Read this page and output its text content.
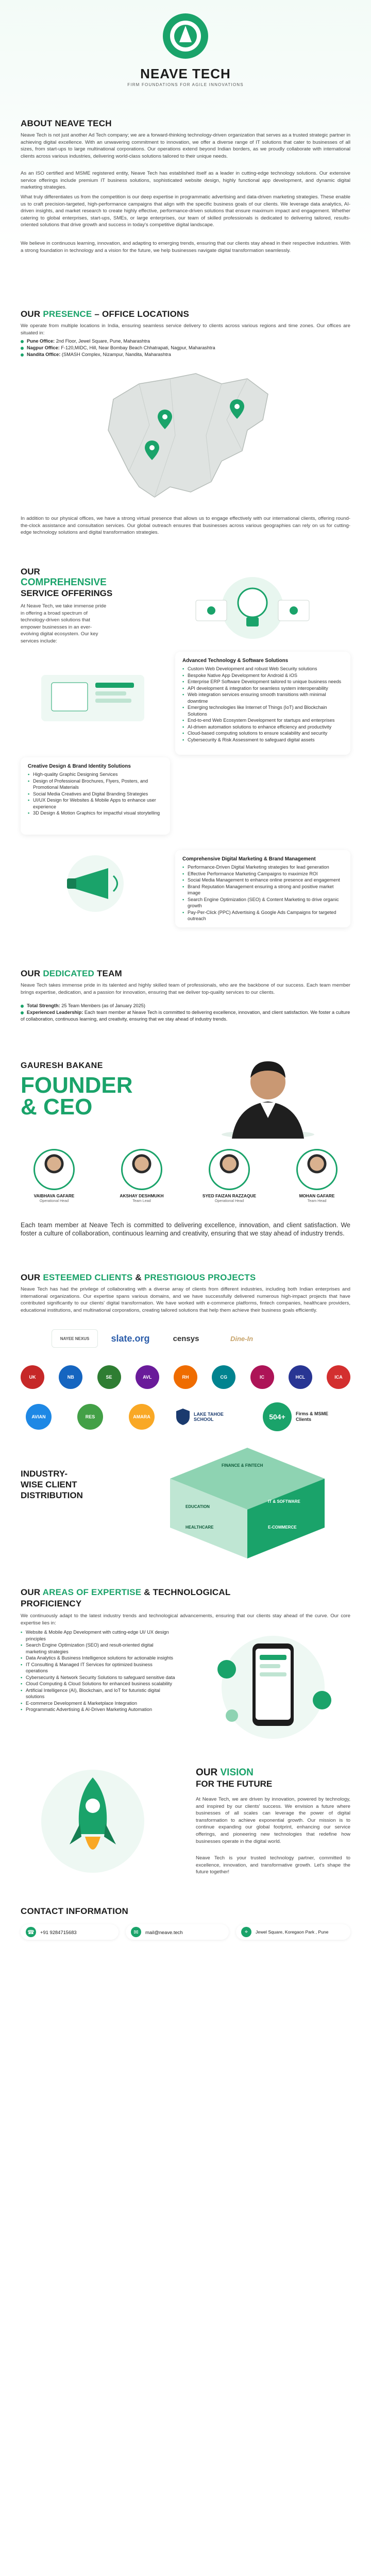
NEAVE TECH
FIRM FOUNDATIONS FOR AGILE INNOVATIONS
ABOUT NEAVE TECH

Neave Tech is not just another Ad Tech company; we are a forward-thinking technology-driven organization that serves as a trusted strategic partner in achieving digital excellence. With an unwavering commitment to innovation, we offer a diverse range of IT solutions that cater to businesses of all sizes, from start-ups to large multinational corporations. Our operations extend beyond Indian borders, as we proudly collaborate with international clients across various industries, delivering world-class solutions tailored to their unique needs.

As an ISO certified and MSME registered entity, Neave Tech has established itself as a leader in cutting-edge technology solutions. Our extensive service offerings include premium IT business solutions, sophisticated website design, highly functional app development, and dynamic digital marketing strategies.

What truly differentiates us from the competition is our deep expertise in programmatic advertising and data-driven marketing strategies. These enable us to craft precision-targeted, high-performance campaigns that align with the specific business goals of our clients. We leverage data analytics, AI-driven insights, and market research to create highly effective, performance-driven solutions that ensure maximum impact and engagement. Whether catering to global enterprises, start-ups, SMEs, or large enterprises, our team of skilled professionals is dedicated to delivering tailored, results-oriented solutions that drive growth and success in today's competitive digital landscape.

We believe in continuous learning, innovation, and adapting to emerging trends, ensuring that our clients stay ahead in their respective industries. With a strong foundation in technology and a vision for the future, we help businesses navigate digital transformation seamlessly.

OUR PRESENCE – OFFICE LOCATIONS

We operate from multiple locations in India, ensuring seamless service delivery to clients across various regions and time zones. Our offices are situated in:

Pune Office: 2nd Floor, Jewel Square, Pune, Maharashtra
Nagpur Office: F-120,MIDC, Hill, Near Bombay Beach Chhatrapati, Nagpur, Maharashtra
Nandita Office: (SMASH Complex, Nizampur, Nandita, Maharashtra

In addition to our physical offices, we have a strong virtual presence that allows us to engage effectively with our international clients, offering round-the-clock assistance and consultation services. Our global outreach ensures that businesses across various geographies can rely on us for cutting-edge technology solutions and digital transformation strategies.

OUR
COMPREHENSIVE
SERVICE OFFERINGS

At Neave Tech, we take immense pride in offering a broad spectrum of technology-driven solutions that empower businesses in an ever-evolving digital ecosystem. Our key services include:

Advanced Technology & Software Solutions
• Custom Web Development and robust Web Security solutions
• Bespoke Native App Development for Android & iOS
• Enterprise ERP Software Development tailored to unique business needs
• API development & integration for seamless system interoperability
• Web integration services ensuring smooth transitions with minimal downtime
• Emerging technologies like Internet of Things (IoT) and Blockchain Solutions
• End-to-end Web Ecosystem Development for startups and enterprises
• AI-driven automation solutions to enhance efficiency and productivity
• Cloud-based computing solutions to ensure scalability and security
• Cybersecurity & Risk Assessment to safeguard digital assets
Creative Design & Brand Identity Solutions
• High-quality Graphic Designing Services
• Design of Professional Brochures, Flyers, Posters, and Promotional Materials
• Social Media Creatives and Digital Branding Strategies
• UI/UX Design for Websites & Mobile Apps to enhance user experience
• 3D Design & Motion Graphics for impactful visual storytelling
Comprehensive Digital Marketing & Brand Management
• Performance-Driven Digital Marketing strategies for lead generation
• Effective Performance Marketing Campaigns to maximize ROI
• Social Media Management to enhance online presence and engagement
• Brand Reputation Management ensuring a strong and positive market image
• Search Engine Optimization (SEO) & Content Marketing to drive organic growth
• Pay-Per-Click (PPC) Advertising & Google Ads Campaigns for targeted outreach
OUR DEDICATED TEAM

Neave Tech takes immense pride in its talented and highly skilled team of professionals, who are the backbone of our success. Each team member brings expertise, dedication, and a passion for innovation, ensuring that we deliver top-quality services to our clients.

Total Strength: 25 Team Members (as of January 2025)
Experienced Leadership: Each team member at Neave Tech is committed to delivering excellence, innovation, and client satisfaction. We foster a culture of collaboration, continuous learning, and creativity, ensuring that we stay ahead of industry trends.
GAURESH BAKANE
FOUNDER
& CEO
VAIBHAVA GAFARE
Operational Head
AKSHAY DESHMUKH
Team Lead
SYED FAIZAN RAZZAQUE
Operational Head
MOHAN GAFARE
Team Head

Each team member at Neave Tech is committed to delivering excellence, innovation, and client satisfaction. We foster a culture of collaboration, continuous learning and creativity, ensuring that we stay ahead of industry trends.

OUR ESTEEMED CLIENTS & PRESTIGIOUS PROJECTS

Neave Tech has had the privilege of collaborating with a diverse array of clients from different industries, including both Indian enterprises and international organizations. Our expertise spans various domains, and we have successfully delivered numerous high-impact projects that have contributed significantly to our clients' digital transformation. We have worked with e-commerce platforms, fintech companies, healthcare providers, educational institutions, and multinational corporations, creating tailored solutions that help them achieve their business goals efficiently.

NAYEE NEXUS slate.org	censys	Dine-In
UK	NB	SE	AVL	RH	CG	IC	HCL	ICA
AVIAN	RES	AMARA	LAKE TAHOE SCHOOL	504+ Firms & MSME Clients
INDUSTRY-
WISE CLIENT
DISTRIBUTION
FINANCE & FINTECH
EDUCATION
IT & SOFTWARE
HEALTHCARE	E-COMMERCE
OUR AREAS OF EXPERTISE & TECHNOLOGICAL
PROFICIENCY

We continuously adapt to the latest industry trends and technological advancements, ensuring that our clients stay ahead of the curve. Our core expertise lies in:

• Website & Mobile App Development with cutting-edge UI/ UX design principles
• Search Engine Optimization (SEO) and result-oriented digital marketing strategies
• Data Analytics & Business Intelligence solutions for actionable insights
• IT Consulting & Managed IT Services for optimized business operations
• Cybersecurity & Network Security Solutions to safeguard sensitive data
• Cloud Computing & Cloud Solutions for enhanced business scalability
• Artificial Intelligence (AI), Blockchain, and IoT for futuristic digital solutions
• E-commerce Development & Marketplace Integration
• Programmatic Advertising & AI-Driven Marketing Automation
OUR VISION
FOR THE FUTURE

At Neave Tech, we are driven by innovation, powered by technology, and inspired by our clients' success. We envision a future where businesses of all scales can leverage the power of digital transformation to achieve exponential growth. Our mission is to continue expanding our global footprint, enhancing our service offerings, and pioneering new technologies that redefine how businesses operate in the digital world.

Neave Tech is your trusted technology partner, committed to excellence, innovation, and transformative growth. Let's shape the future together!

CONTACT INFORMATION
☎	+91 9284715683	✉	mail@neave.tech	⌖	Jewel Square, Koregaon Park , Pune
